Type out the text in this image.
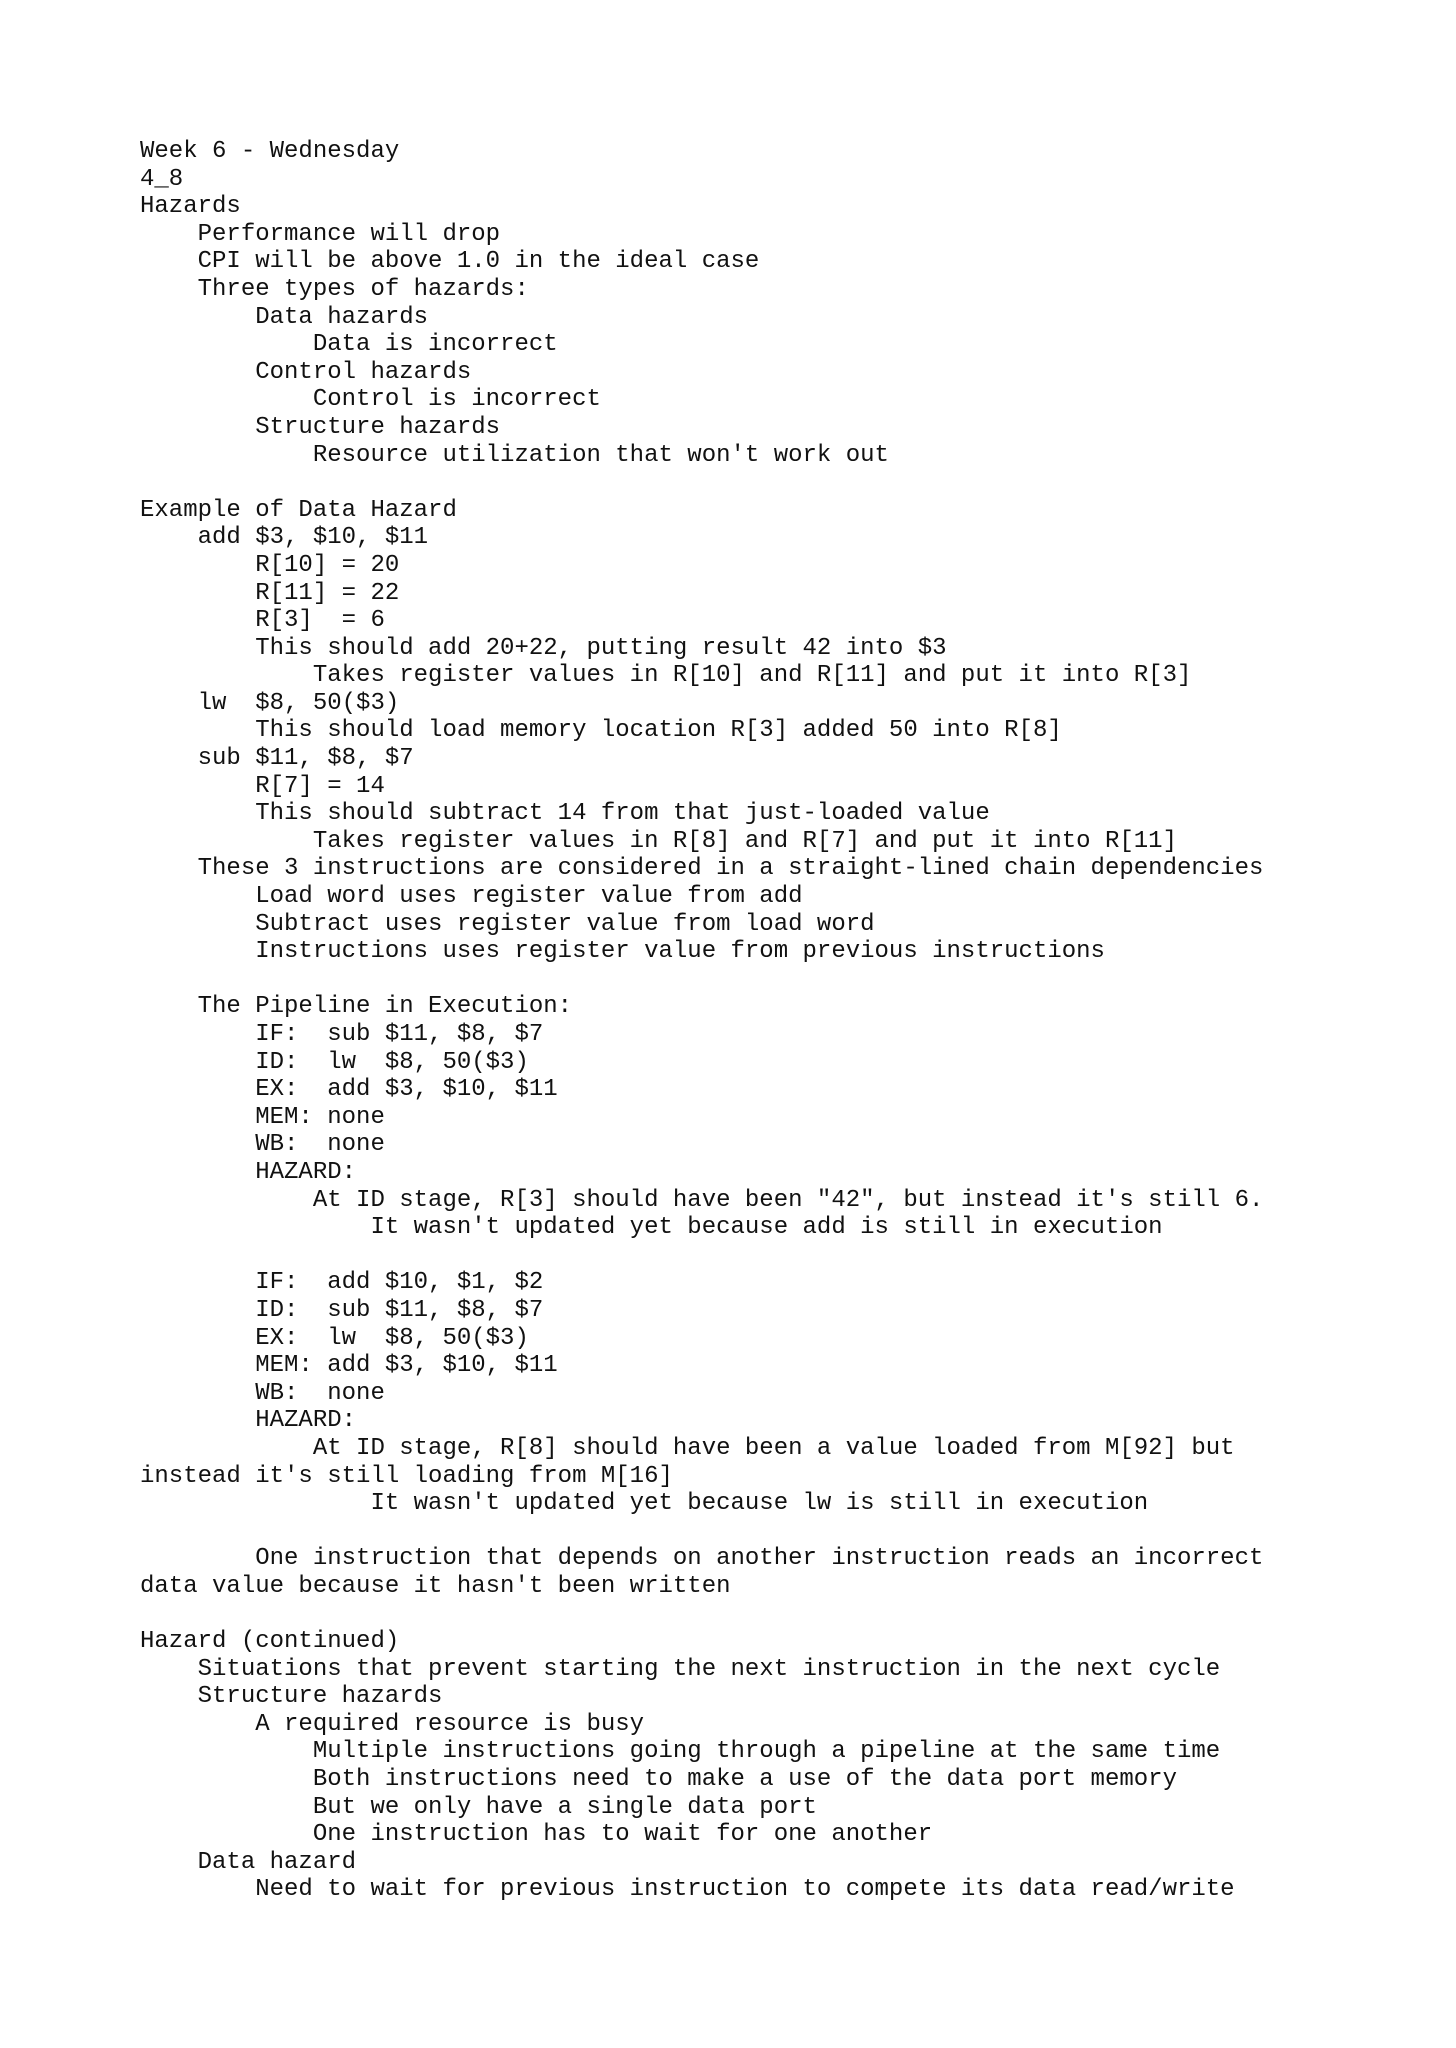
Week 6 - Wednesday
4_8
Hazards
Performance will drop
CPI will be above 1.0 in the ideal case
Three types of hazards:
Data hazards
Data is incorrect
Control hazards
Control is incorrect
Structure hazards
Resource utilization that won't work out
Example of Data Hazard
add $3, $10, $11
R[10] = 20
R[11] = 22
R[3]  = 6
This should add 20+22, putting result 42 into $3
Takes register values in R[10] and R[11] and put it into R[3]
lw  $8, 50($3)
This should load memory location R[3] added 50 into R[8]
sub $11, $8, $7
R[7] = 14
This should subtract 14 from that just-loaded value
Takes register values in R[8] and R[7] and put it into R[11]
These 3 instructions are considered in a straight-lined chain dependencies
Load word uses register value from add
Subtract uses register value from load word
Instructions uses register value from previous instructions
The Pipeline in Execution:
IF:  sub $11, $8, $7
ID:  lw  $8, 50($3)
EX:  add $3, $10, $11
MEM: none
WB:  none
HAZARD:
At ID stage, R[3] should have been "42", but instead it's still 6.
It wasn't updated yet because add is still in execution
IF:  add $10, $1, $2
ID:  sub $11, $8, $7
EX:  lw  $8, 50($3)
MEM: add $3, $10, $11
WB:  none
HAZARD:
At ID stage, R[8] should have been a value loaded from M[92] but
instead it's still loading from M[16]
It wasn't updated yet because lw is still in execution
One instruction that depends on another instruction reads an incorrect
data value because it hasn't been written
Hazard (continued)
Situations that prevent starting the next instruction in the next cycle
Structure hazards
A required resource is busy
Multiple instructions going through a pipeline at the same time
Both instructions need to make a use of the data port memory
But we only have a single data port
One instruction has to wait for one another
Data hazard
Need to wait for previous instruction to compete its data read/write
